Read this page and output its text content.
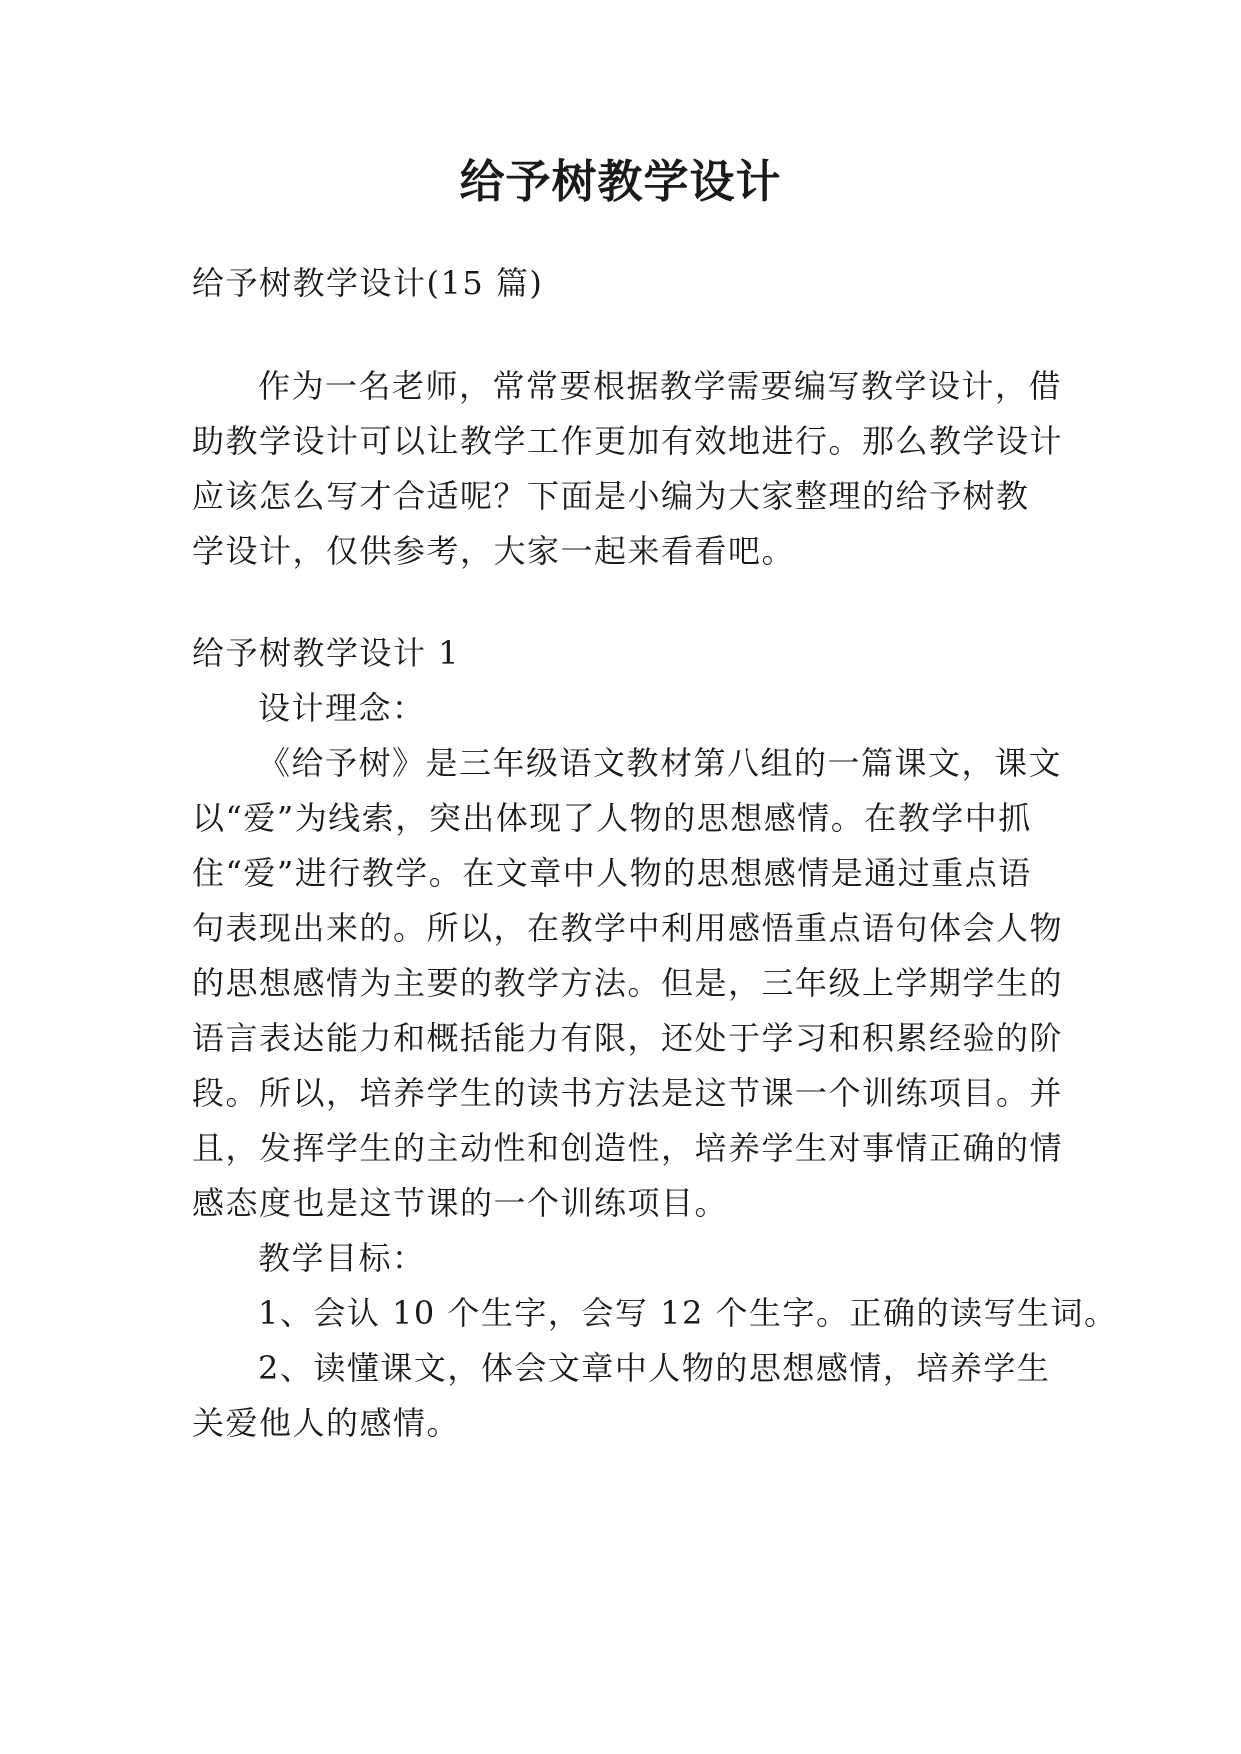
给予树教学设计
给予树教学设计(15 篇)
作为一名老师，常常要根据教学需要编写教学设计，借
助教学设计可以让教学工作更加有效地进行。那么教学设计
应该怎么写才合适呢？下面是小编为大家整理的给予树教
学设计，仅供参考，大家一起来看看吧。
给予树教学设计 1
设计理念：
《给予树》是三年级语文教材第八组的一篇课文，课文
以“爱”为线索，突出体现了人物的思想感情。在教学中抓
住“爱”进行教学。在文章中人物的思想感情是通过重点语
句表现出来的。所以，在教学中利用感悟重点语句体会人物
的思想感情为主要的教学方法。但是，三年级上学期学生的
语言表达能力和概括能力有限，还处于学习和积累经验的阶
段。所以，培养学生的读书方法是这节课一个训练项目。并
且，发挥学生的主动性和创造性，培养学生对事情正确的情
感态度也是这节课的一个训练项目。
教学目标：
1、会认 10 个生字，会写 12 个生字。正确的读写生词。
2、读懂课文，体会文章中人物的思想感情，培养学生
关爱他人的感情。
